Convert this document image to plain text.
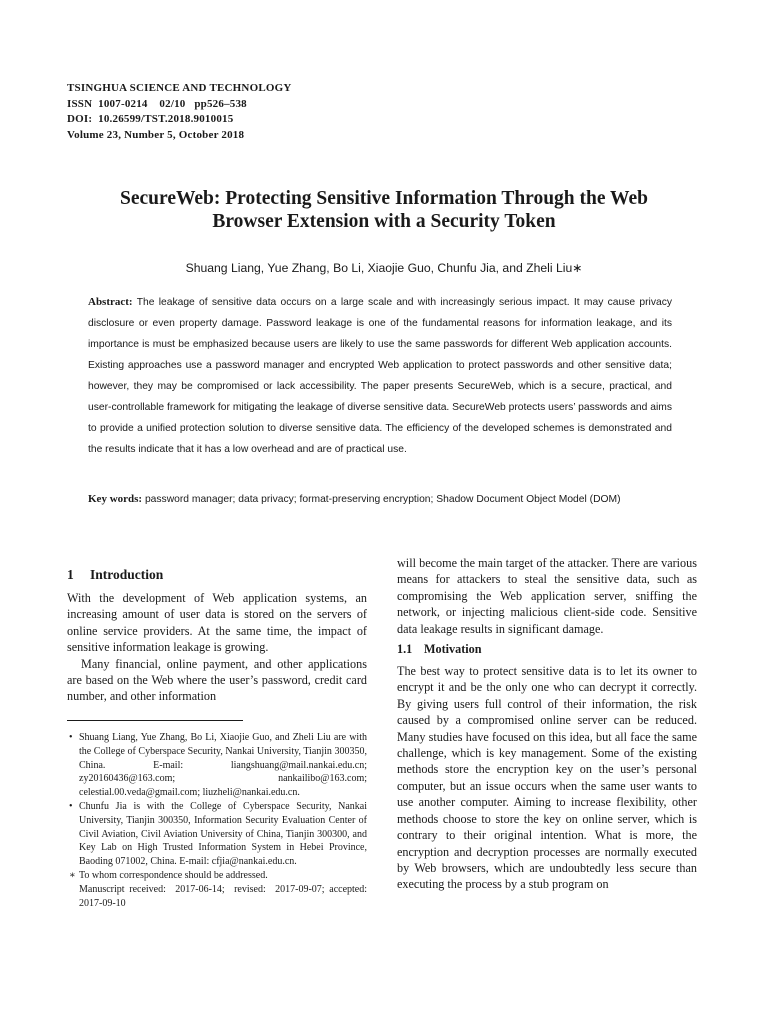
TSINGHUA SCIENCE AND TECHNOLOGY
ISSN  1007-0214    02/10   pp526–538
DOI:  10.26599/TST.2018.9010015
Volume 23, Number 5, October 2018
SecureWeb: Protecting Sensitive Information Through the Web
Browser Extension with a Security Token
Shuang Liang, Yue Zhang, Bo Li, Xiaojie Guo, Chunfu Jia, and Zheli Liu∗
Abstract: The leakage of sensitive data occurs on a large scale and with increasingly serious impact. It may cause privacy disclosure or even property damage. Password leakage is one of the fundamental reasons for information leakage, and its importance is must be emphasized because users are likely to use the same passwords for different Web application accounts. Existing approaches use a password manager and encrypted Web application to protect passwords and other sensitive data; however, they may be compromised or lack accessibility. The paper presents SecureWeb, which is a secure, practical, and user-controllable framework for mitigating the leakage of diverse sensitive data. SecureWeb protects users’ passwords and aims to provide a unified protection solution to diverse sensitive data. The efficiency of the developed schemes is demonstrated and the results indicate that it has a low overhead and are of practical use.
Key words: password manager; data privacy; format-preserving encryption; Shadow Document Object Model (DOM)
1 Introduction

With the development of Web application systems, an increasing amount of user data is stored on the servers of online service providers. At the same time, the impact of sensitive information leakage is growing.

Many financial, online payment, and other applications are based on the Web where the user’s password, credit card number, and other information

• Shuang Liang, Yue Zhang, Bo Li, Xiaojie Guo, and Zheli Liu are with the College of Cyberspace Security, Nankai University, Tianjin 300350, China. E-mail: liangshuang@mail.nankai.edu.cn; zy20160436@163.com; nankailibo@163.com; celestial.00.veda@gmail.com; liuzheli@nankai.edu.cn.
• Chunfu Jia is with the College of Cyberspace Security, Nankai University, Tianjin 300350, Information Security Evaluation Center of Civil Aviation, Civil Aviation University of China, Tianjin 300300, and Key Lab on High Trusted Information System in Hebei Province, Baoding 071002, China. E-mail: cfjia@nankai.edu.cn.
∗ To whom correspondence should be addressed.
Manuscript received:  2017-06-14;  revised:  2017-09-07; accepted: 2017-09-10

will become the main target of the attacker. There are various means for attackers to steal the sensitive data, such as compromising the Web application server, sniffing the network, or injecting malicious client-side code. Sensitive data leakage results in significant damage.

1.1 Motivation

The best way to protect sensitive data is to let its owner to encrypt it and be the only one who can decrypt it correctly. By giving users full control of their information, the risk caused by a compromised online server can be reduced. Many studies have focused on this idea, but all face the same challenge, which is key management. Some of the existing methods store the encryption key on the user’s personal computer, but an issue occurs when the same user wants to use another computer. Aiming to increase flexibility, other methods choose to store the key on online server, which is contrary to their original intention. What is more, the encryption and decryption processes are normally executed by Web browsers, which are undoubtedly less secure than executing the process by a stub program on
